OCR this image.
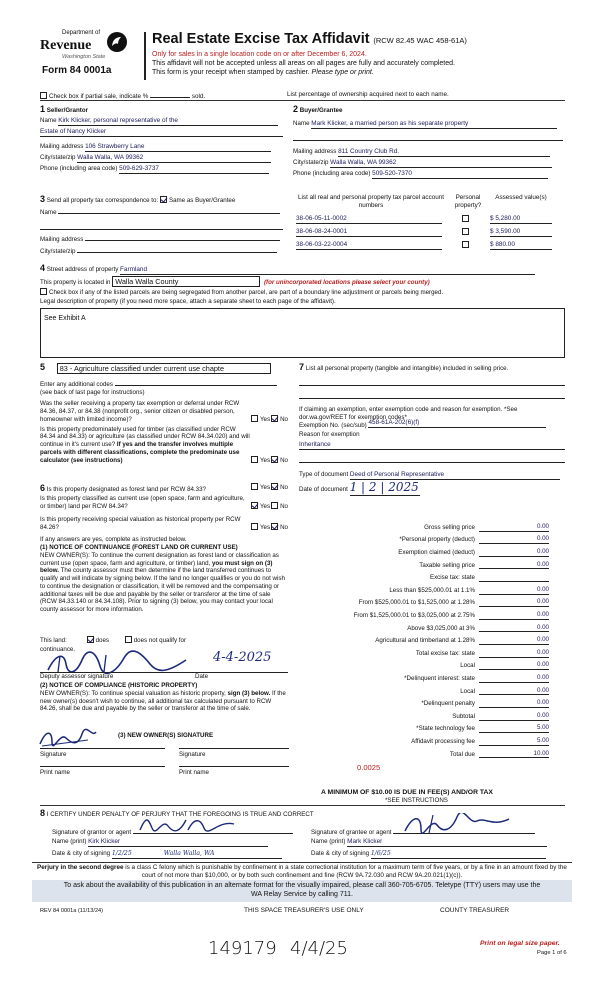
Department of
Revenue
Washington State
Form 84 0001a
Real Estate Excise Tax Affidavit (RCW 82.45 WAC 458-61A)
Only for sales in a single location code on or after December 6, 2024.
This affidavit will not be accepted unless all areas on all pages are fully and accurately completed.
This form is your receipt when stamped by cashier. Please type or print.
Check box if partial sale, indicate %	sold.	List percentage of ownership acquired next to each name.
1 Seller/Grantor
Name Kirk Klicker, personal representative of the
Estate of Nancy Klicker
Mailing address 106 Strawberry Lane
City/state/zip Walla Walla, WA 99362
Phone (including area code) 509-629-3737
2 Buyer/Grantee
Name Mark Klicker, a married person as his separate property
Mailing address 811 Country Club Rd.
City/state/zip Walla Walla, WA 99362
Phone (including area code) 509-520-7370
3 Send all property tax correspondence to: Same as Buyer/Grantee
Name
Mailing address
City/state/zip
List all real and personal property tax parcel account numbers
Personal property?
Assessed value(s)
38-06-05-11-0002	$ 5,280.00
38-06-08-24-0001	$ 3,590.00
38-06-03-22-0004	$ 880.00
4 Street address of property Farmland
This property is located in Walla Walla County	(for unincorporated locations please select your county)
Check box if any of the listed parcels are being segregated from another parcel, are part of a boundary line adjustment or parcels being merged.
Legal description of property (if you need more space, attach a separate sheet to each page of the affidavit).
See Exhibit A
5 83 - Agriculture classified under current use chapte
Enter any additional codes
(see back of last page for instructions)
Was the seller receiving a property tax exemption or deferral under RCW 84.36, 84.37, or 84.38 (nonprofit org., senior citizen or disabled person, homeowner with limited income)?	Yes No
Is this property predominately used for timber (as classified under RCW 84.34 and 84.33) or agriculture (as classified under RCW 84.34.020) and will continue in it's current use? If yes and the transfer involves multiple parcels with different classifications, complete the predominate use calculator (see instructions)	Yes No
6 Is this property designated as forest land per RCW 84.33?	Yes No
Is this property classified as current use (open space, farm and agriculture, or timber) land per RCW 84.34?	Yes No
Is this property receiving special valuation as historical property per RCW 84.26?	Yes No
If any answers are yes, complete as instructed below.
(1) NOTICE OF CONTINUANCE (FOREST LAND OR CURRENT USE)
NEW OWNER(S): To continue the current designation as forest land or classification as current use (open space, farm and agriculture, or timber) land, you must sign on (3) below. The county assessor must then determine if the land transferred continues to qualify and will indicate by signing below. If the land no longer qualifies or you do not wish to continue the designation or classification, it will be removed and the compensating or additional taxes will be due and payable by the seller or transferor at the time of sale (RCW 84.33.140 or 84.34.108). Prior to signing (3) below, you may contact your local county assessor for more information.
This land:	does	does not qualify for
continuance.
4-4-2025
Deputy assessor signature	Date
(2) NOTICE OF COMPLIANCE (HISTORIC PROPERTY)
NEW OWNER(S): To continue special valuation as historic property, sign (3) below. If the new owner(s) doesn't wish to continue, all additional tax calculated pursuant to RCW 84.26, shall be due and payable by the seller or transferor at the time of sale.
(3) NEW OWNER(S) SIGNATURE
Signature	Signature
Print name	Print name
7 List all personal property (tangible and intangible) included in selling price.
If claiming an exemption, enter exemption code and reason for exemption. *See dor.wa.gov/REET for exemption codes*
Exemption No. (sec/sub) 458-61A-202(6)(f)
Reason for exemption
Inheritance
Type of document Deed of Personal Representative
Date of document 1 | 2 | 2025
Gross selling price	0.00
*Personal property (deduct)	0.00
Exemption claimed (deduct)	0.00
Taxable selling price	0.00
Excise tax: state
Less than $525,000.01 at 1.1%	0.00
From $525,000.01 to $1,525,000 at 1.28%	0.00
From $1,525,000.01 to $3,025,000 at 2.75%	0.00
Above $3,025,000 at 3%	0.00
Agricultural and timberland at 1.28%	0.00
Total excise tax: state	0.00
Local	0.00
*Delinquent interest: state	0.00
Local	0.00
*Delinquent penalty	0.00
Subtotal	0.00
*State technology fee	5.00
Affidavit processing fee	5.00
Total due	10.00
0.0025
A MINIMUM OF $10.00 IS DUE IN FEE(S) AND/OR TAX
*SEE INSTRUCTIONS
8 I CERTIFY UNDER PENALTY OF PERJURY THAT THE FOREGOING IS TRUE AND CORRECT
Signature of grantor or agent
Name (print) Kirk Klicker
Date & city of signing 1/2/25	Walla Walla, WA
Signature of grantee or agent
Name (print) Mark Klicker
Date & city of signing 1/6/25
Perjury in the second degree is a class C felony which is punishable by confinement in a state correctional institution for a maximum term of five years, or by a fine in an amount fixed by the court of not more than $10,000, or by both such confinement and fine (RCW 9A.72.030 and RCW 9A.20.021(1)(c)).
To ask about the availability of this publication in an alternate format for the visually impaired, please call 360-705-6705. Teletype (TTY) users may use the WA Relay Service by calling 711.
REV 84 0001a (11/13/24)	THIS SPACE TREASURER'S USE ONLY	COUNTY TREASURER
149179 4/4/25	Print on legal size paper.
Page 1 of 6
